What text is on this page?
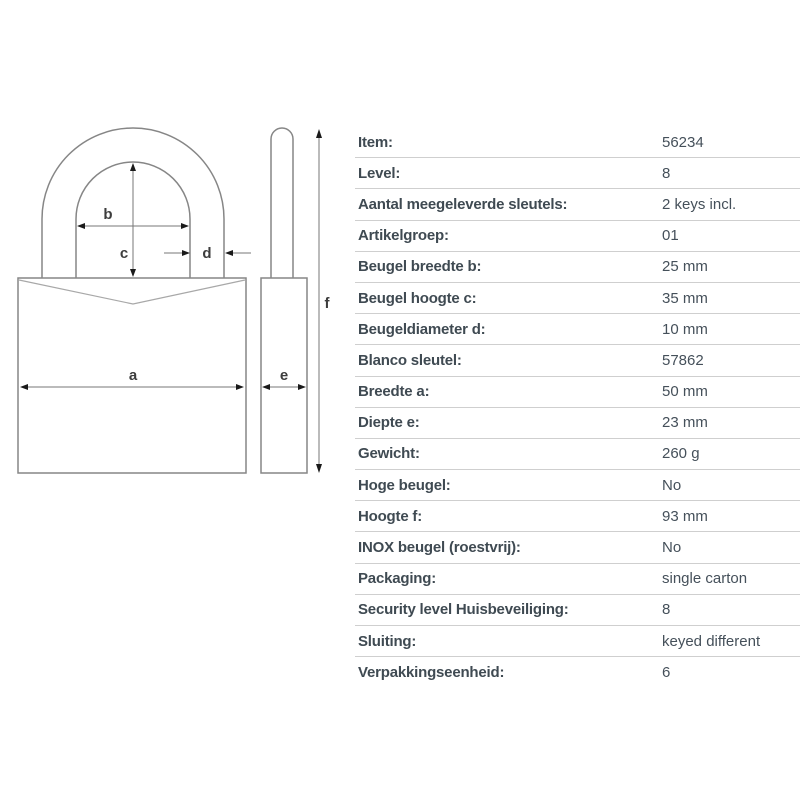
b
c	d
a	e
f
Item:	56234
Level:	8
Aantal meegeleverde sleutels:	2 keys incl.
Artikelgroep:	01
Beugel breedte b:	25 mm
Beugel hoogte c:	35 mm
Beugeldiameter d:	10 mm
Blanco sleutel:	57862
Breedte a:	50 mm
Diepte e:	23 mm
Gewicht:	260 g
Hoge beugel:	No
Hoogte f:	93 mm
INOX beugel (roestvrij):	No
Packaging:	single carton
Security level Huisbeveiliging:	8
Sluiting:	keyed different
Verpakkingseenheid:	6
